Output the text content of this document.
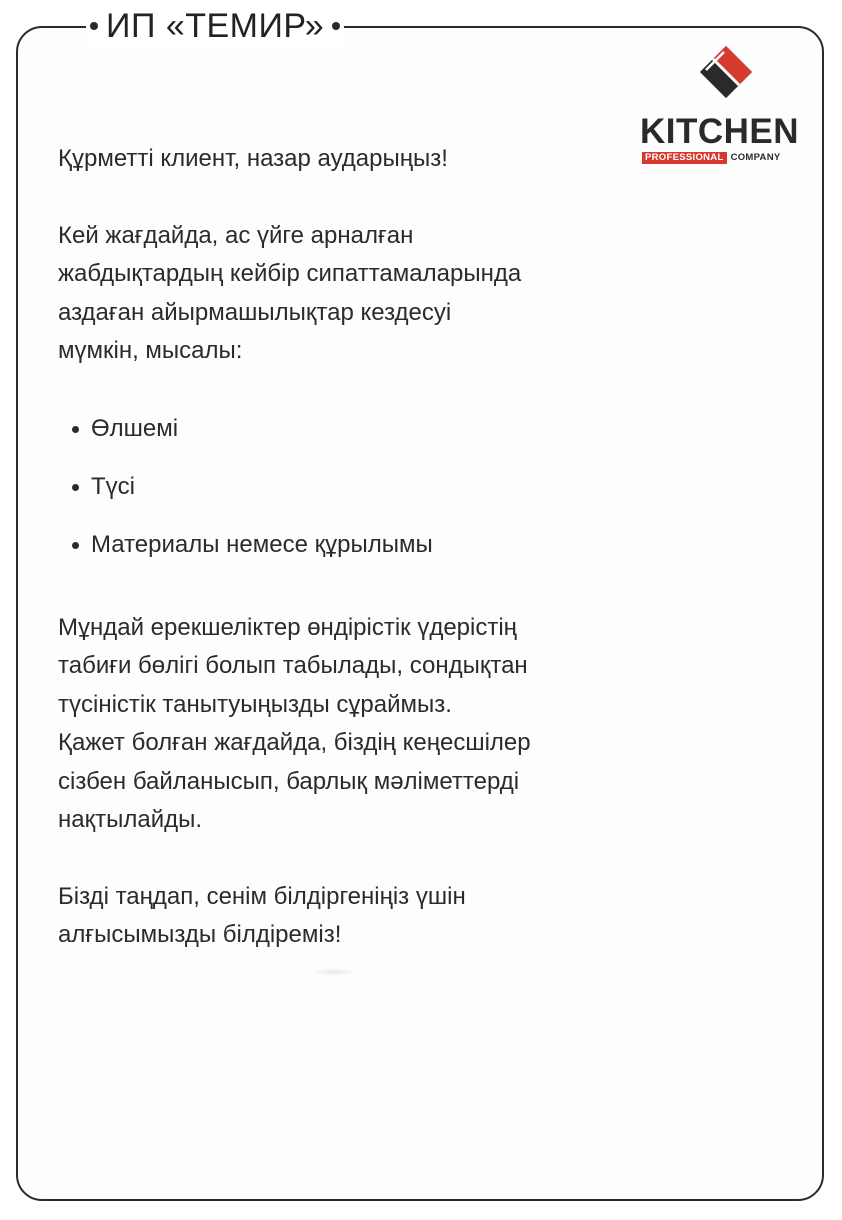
ИП «ТЕМИР»
KITCHEN
PROFESSIONAL COMPANY

Құрметті клиент, назар аударыңыз!

Кей жағдайда, ас үйге арналған
жабдықтардың кейбір сипаттамаларында
аздаған айырмашылықтар кездесуі
мүмкін, мысалы:

Өлшемі
Түсі
Материалы немесе құрылымы

Мұндай ерекшеліктер өндірістік үдерістің
табиғи бөлігі болып табылады, сондықтан
түсіністік танытуыңызды сұраймыз.
Қажет болған жағдайда, біздің кеңесшілер
сізбен байланысып, барлық мәліметтерді
нақтылайды.

Бізді таңдап, сенім білдіргеніңіз үшін
алғысымызды білдіреміз!
